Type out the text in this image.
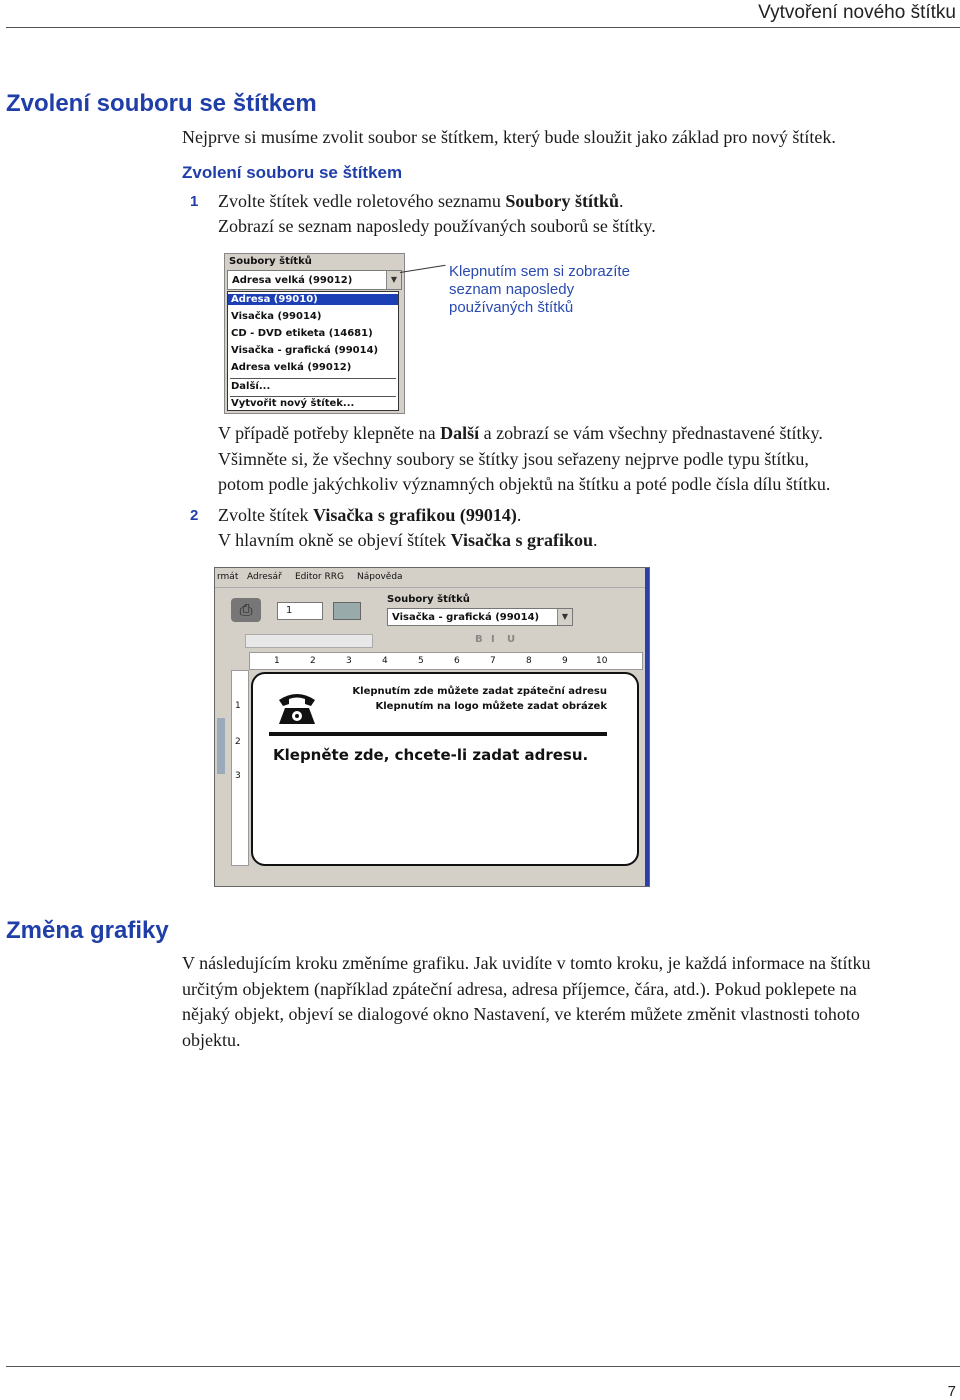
Vytvoření nového štítku
Zvolení souboru se štítkem
Nejprve si musíme zvolit soubor se štítkem, který bude sloužit jako základ pro nový štítek.
Zvolení souboru se štítkem
1 Zvolte štítek vedle roletového seznamu Soubory štítků.
Zobrazí se seznam naposledy používaných souborů se štítky.
Soubory štítků
Adresa velká (99012)	▼
Adresa (99010)
Visačka (99014)
CD - DVD etiketa (14681)
Visačka - grafická (99014)
Adresa velká (99012)
Další...
Vytvořit nový štítek...
Klepnutím sem si zobrazíte
seznam naposledy
používaných štítků
V případě potřeby klepněte na Další a zobrazí se vám všechny přednastavené štítky.
Všimněte si, že všechny soubory se štítky jsou seřazeny nejprve podle typu štítku,
potom podle jakýchkoliv významných objektů na štítku a poté podle čísla dílu štítku.
2 Zvolte štítek Visačka s grafikou (99014).
V hlavním okně se objeví štítek Visačka s grafikou.
rmát Adresář Editor RRG Nápověda
⎙	1
Soubory štítků
Visačka - grafická (99014)	▼
B I U
1	2	3	4	5	6	7	8	9	10
1
2
3
Klepnutím zde můžete zadat zpáteční adresu
Klepnutím na logo můžete zadat obrázek
Klepněte zde, chcete-li zadat adresu.
Změna grafiky
V následujícím kroku změníme grafiku. Jak uvidíte v tomto kroku, je každá informace na štítku
určitým objektem (například zpáteční adresa, adresa příjemce, čára, atd.). Pokud poklepete na
nějaký objekt, objeví se dialogové okno Nastavení, ve kterém můžete změnit vlastnosti tohoto
objektu.
7
